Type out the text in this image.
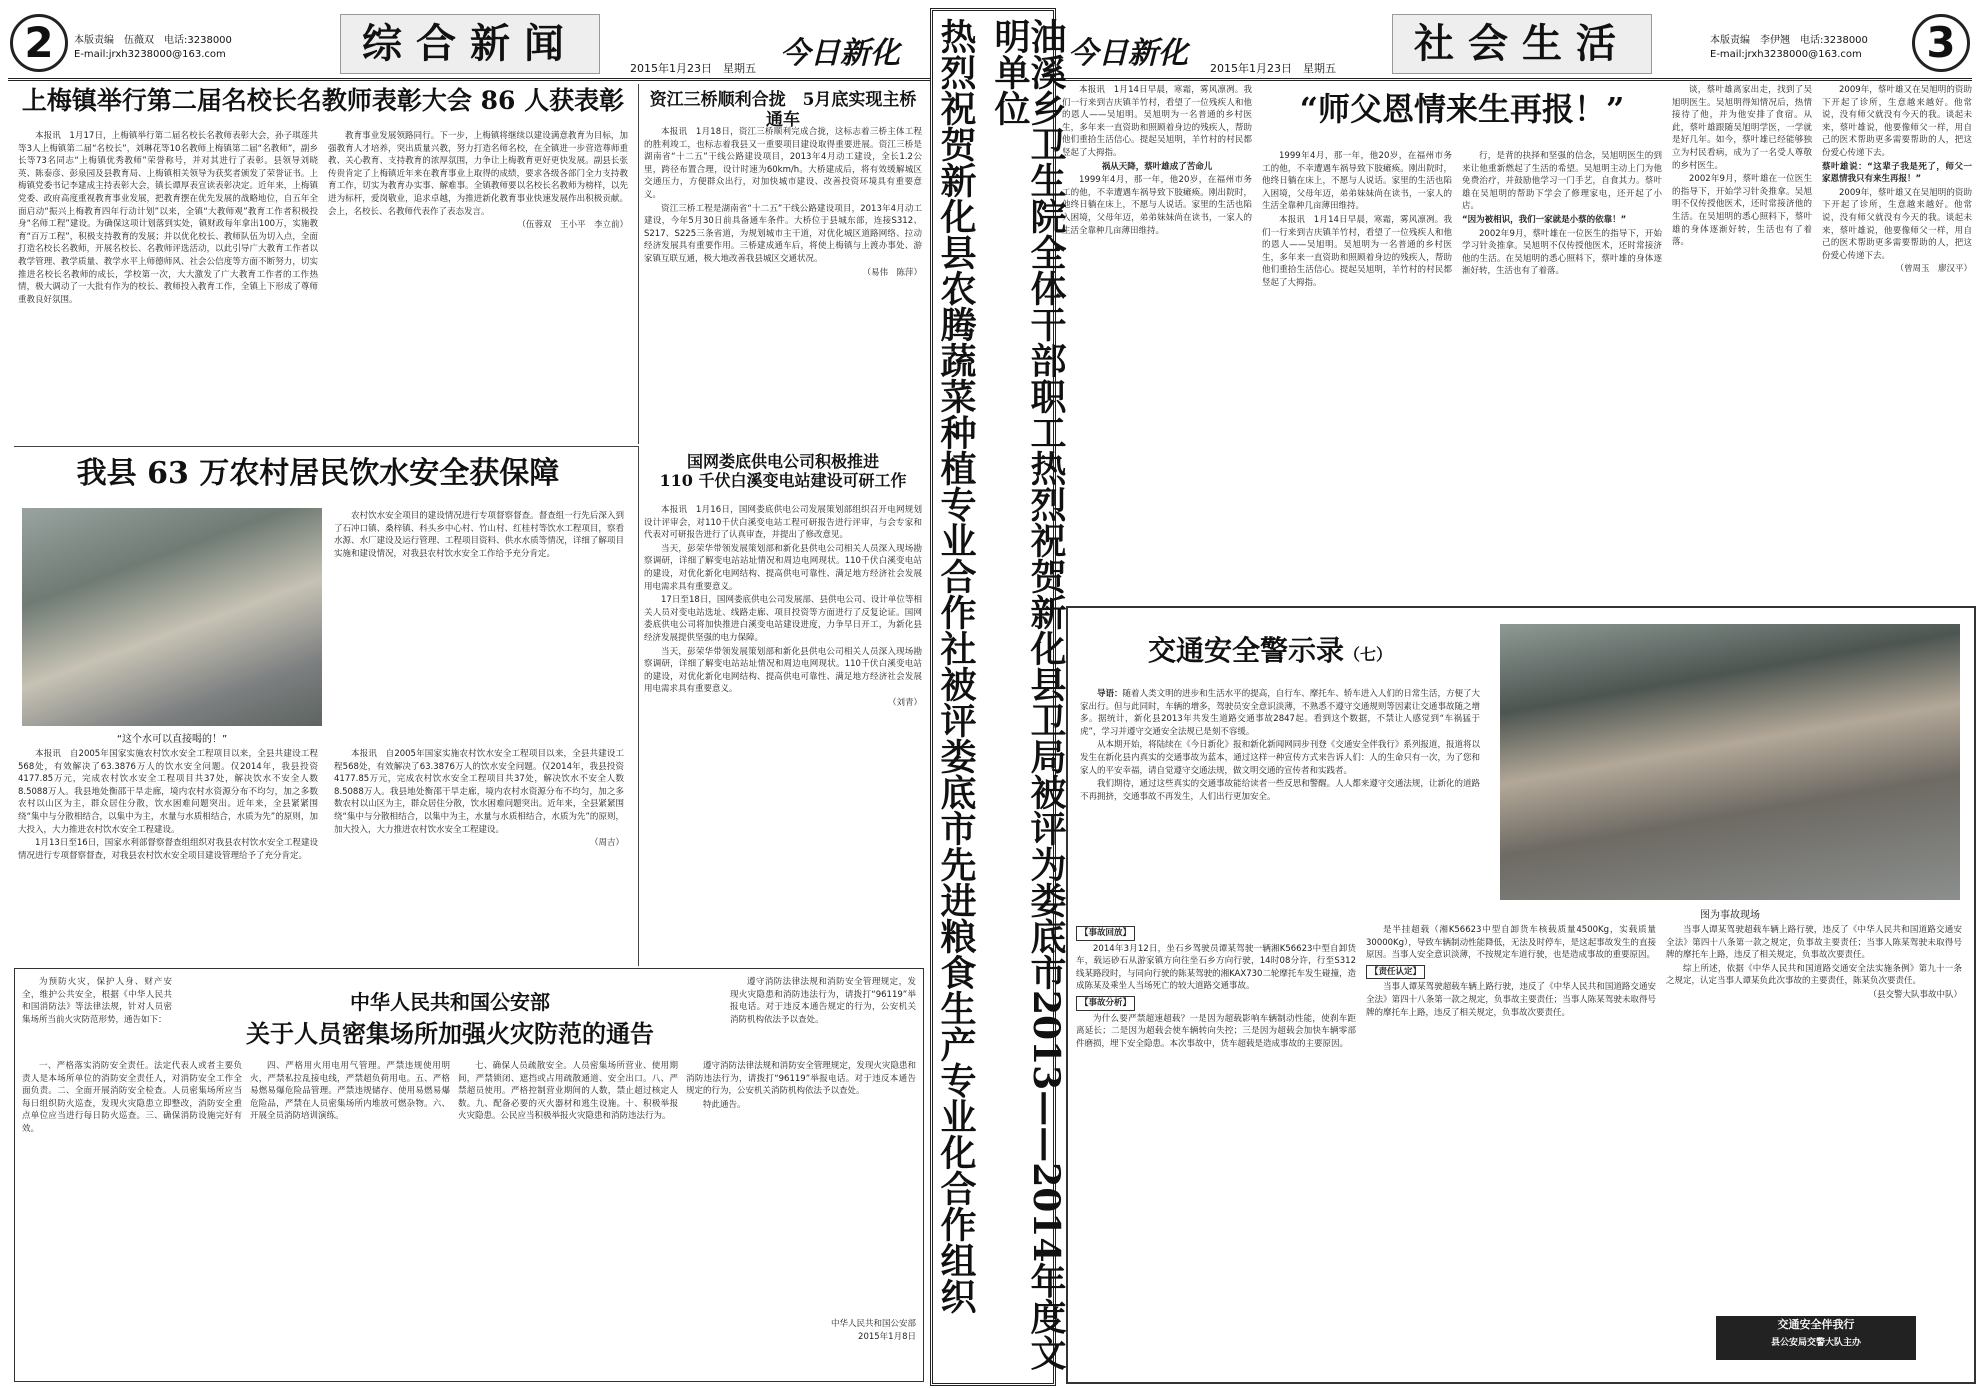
2	本版责编　伍薇双　电话:3238000
E-mail:jrxh3238000@163.com	综合新闻	今日新化
2015年1月23日　星期五	今日新化 2015年1月23日　星期五
社会生活	本版责编　李伊翘　电话:3238000
E-mail:jrxh3238000@163.com	3
油溪乡卫生院全体干部职工热烈祝贺新化县卫局被评为娄底市2013——2014年度文明单位
热烈祝贺新化县农腾蔬菜种植专业合作社被评娄底市先进粮食生产专业化合作组织
上梅镇举行第二届名校长名教师表彰大会 86 人获表彰

本报讯　1月17日，上梅镇举行第二届名校长名教师表彰大会，孙子琪莲共等3人上梅镇第二届“名校长”，刘琳花等10名教师上梅镇第二届“名教师”，副乡长等73名同志“上梅镇优秀教师”荣誉称号，并对其进行了表彰。县领导刘晓英、陈泰彦、彭泉园及县教育局、上梅镇相关领导为获奖者颁发了荣誉证书。上梅镇党委书记李建成主持表彰大会，镇长谭厚表宣读表彰决定。近年来，上梅镇党委、政府高度重视教育事业发展，把教育摆在优先发展的战略地位，自五年全面启动“振兴上梅教育四年行动计划”以来，全镇“大教师观”教育工作者积极投身“名师工程”建设。为确保这项计划落到实处，镇财政每年拿出100万，实施教育“百万工程”，积极支持教育的发展；并以优化校长、教师队伍为切入点，全面打造名校长名教师，开展名校长、名教师评选活动，以此引导广大教育工作者以教学管理、教学质量、教学水平上师德师风、社会公信度等方面不断努力，切实推进名校长名教师的成长，学校第一次，大大激发了广大教育工作者的工作热情，极大调动了一大批有作为的校长、教师投入教育工作，全镇上下形成了尊师重教良好氛围。

教育事业发展领路同行。下一步，上梅镇将继续以建设满意教育为目标，加强教育人才培养，突出质量兴教，努力打造名师名校，在全镇进一步营造尊师重教、关心教育、支持教育的浓厚氛围，力争让上梅教育更好更快发展。副县长张传贵肯定了上梅镇近年来在教育事业上取得的成绩，要求各级各部门全力支持教育工作，切实为教育办实事、解难事。全镇教师要以名校长名教师为榜样，以先进为标杆，爱岗敬业，追求卓越，为推进新化教育事业快速发展作出积极贡献。会上，名校长、名教师代表作了表态发言。

（伍蓉双　王小平　李立前）

资江三桥顺利合拢　5月底实现主桥通车

本报讯　1月18日，资江三桥顺利完成合拢，这标志着三桥主体工程的胜利竣工，也标志着我县又一重要项目建设取得重要进展。资江三桥是湖南省“十二五”干线公路建设项目，2013年4月动工建设，全长1.2公里，跨径布置合理，设计时速为60km/h。大桥建成后，将有效缓解城区交通压力，方便群众出行，对加快城市建设、改善投资环境具有重要意义。

资江三桥工程是湖南省“十二五”干线公路建设项目，2013年4月动工建设，今年5月30日前具备通车条件。大桥位于县城东部，连接S312、S217、S225三条省道，为规划城市主干道，对优化城区道路网络、拉动经济发展具有重要作用。三桥建成通车后，将使上梅镇与上渡办事处、游家镇互联互通，极大地改善我县城区交通状况。

（易伟　陈萍）

我县 63 万农村居民饮水安全获保障
“这个水可以直接喝的！”

农村饮水安全项目的建设情况进行专项督察督查。督查组一行先后深入到了石冲口镇、桑梓镇、科头乡中心村、竹山村、红桂村等饮水工程项目，察看水源、水厂建设及运行管理、工程项目资料、供水水质等情况，详细了解项目实施和建设情况，对我县农村饮水安全工作给予充分肯定。

本报讯　自2005年国家实施农村饮水安全工程项目以来，全县共建设工程568处，有效解决了63.3876万人的饮水安全问题。仅2014年，我县投资4177.85万元，完成农村饮水安全工程项目共37处，解决饮水不安全人数8.5088万人。我县地处衡邵干旱走廊，境内农村水资源分布不均匀，加之多数农村以山区为主，群众居住分散，饮水困难问题突出。近年来，全县紧紧围绕“集中与分散相结合，以集中为主，水量与水质相结合，水质为先”的原则，加大投入，大力推进农村饮水安全工程建设。

1月13日至16日，国家水利部督察督查组组织对我县农村饮水安全工程建设情况进行专项督察督查，对我县农村饮水安全项目建设管理给予了充分肯定。

本报讯　自2005年国家实施农村饮水安全工程项目以来，全县共建设工程568处，有效解决了63.3876万人的饮水安全问题。仅2014年，我县投资4177.85万元，完成农村饮水安全工程项目共37处，解决饮水不安全人数8.5088万人。我县地处衡邵干旱走廊，境内农村水资源分布不均匀，加之多数农村以山区为主，群众居住分散，饮水困难问题突出。近年来，全县紧紧围绕“集中与分散相结合，以集中为主，水量与水质相结合，水质为先”的原则，加大投入，大力推进农村饮水安全工程建设。

（周吉）

国网娄底供电公司积极推进
110 千伏白溪变电站建设可研工作

本报讯　1月16日，国网娄底供电公司发展策划部组织召开电网规划设计评审会，对110千伏白溪变电站工程可研报告进行评审，与会专家和代表对可研报告进行了认真审查，并提出了修改意见。

当天，彭荣华带领发展策划部和新化县供电公司相关人员深入现场勘察调研，详细了解变电站站址情况和周边电网现状。110千伏白溪变电站的建设，对优化新化电网结构、提高供电可靠性、满足地方经济社会发展用电需求具有重要意义。

17日至18日，国网娄底供电公司发展部、县供电公司、设计单位等相关人员对变电站选址、线路走廊、项目投资等方面进行了反复论证。国网娄底供电公司将加快推进白溪变电站建设进度，力争早日开工，为新化县经济发展提供坚强的电力保障。

当天，彭荣华带领发展策划部和新化县供电公司相关人员深入现场勘察调研，详细了解变电站站址情况和周边电网现状。110千伏白溪变电站的建设，对优化新化电网结构、提高供电可靠性、满足地方经济社会发展用电需求具有重要意义。

（刘青）

为预防火灾，保护人身、财产安全，维护公共安全，根据《中华人民共和国消防法》等法律法规，针对人员密集场所当前火灾防范形势，通告如下：

中华人民共和国公安部
关于人员密集场所加强火灾防范的通告

一、严格落实消防安全责任。法定代表人或者主要负责人是本场所单位的消防安全责任人，对消防安全工作全面负责。二、全面开展消防安全检查。人员密集场所应当每日组织防火巡查，发现火灾隐患立即整改，消防安全重点单位应当进行每日防火巡查。三、确保消防设施完好有效。

四、严格用火用电用气管理。严禁违规使用明火，严禁私拉乱接电线，严禁超负荷用电。五、严格易燃易爆危险品管理。严禁违规储存、使用易燃易爆危险品，严禁在人员密集场所内堆放可燃杂物。六、开展全员消防培训演练。

七、确保人员疏散安全。人员密集场所营业、使用期间，严禁锁闭、遮挡或占用疏散通道、安全出口。八、严禁超员使用。严格控制营业期间的人数，禁止超过核定人数。九、配备必要的灭火器材和逃生设施。十、积极举报火灾隐患。公民应当积极举报火灾隐患和消防违法行为。

遵守消防法律法规和消防安全管理规定，发现火灾隐患和消防违法行为，请拨打“96119”举报电话。对于违反本通告规定的行为，公安机关消防机构依法予以查处。

遵守消防法律法规和消防安全管理规定，发现火灾隐患和消防违法行为，请拨打“96119”举报电话。对于违反本通告规定的行为，公安机关消防机构依法予以查处。

特此通告。

中华人民共和国公安部
2015年1月8日

本报讯　1月14日早晨，寒霜，雾风凛冽。我们一行来到吉庆镇羊竹村，看望了一位残疾人和他的恩人——吴旭明。吴旭明为一名普通的乡村医生，多年来一直资助和照顾着身边的残疾人，帮助他们重拾生活信心。提起吴旭明，羊竹村的村民都竖起了大拇指。

祸从天降，蔡叶雄成了苦命儿

1999年4月，那一年，他20岁，在福州市务工的他，不幸遭遇车祸导致下肢瘫痪。刚出院时，他终日躺在床上，不愿与人说话。家里的生活也陷入困境，父母年迈，弟弟妹妹尚在读书，一家人的生活全靠种几亩薄田维持。

“师父恩情来生再报！”

1999年4月，那一年，他20岁，在福州市务工的他，不幸遭遇车祸导致下肢瘫痪。刚出院时，他终日躺在床上，不愿与人说话。家里的生活也陷入困境，父母年迈，弟弟妹妹尚在读书，一家人的生活全靠种几亩薄田维持。

本报讯　1月14日早晨，寒霜，雾风凛冽。我们一行来到吉庆镇羊竹村，看望了一位残疾人和他的恩人——吴旭明。吴旭明为一名普通的乡村医生，多年来一直资助和照顾着身边的残疾人，帮助他们重拾生活信心。提起吴旭明，羊竹村的村民都竖起了大拇指。

行，是背的抉择和坚强的信念，吴旭明医生的到来让他重新燃起了生活的希望。吴旭明主动上门为他免费治疗，并鼓励他学习一门手艺，自食其力。蔡叶雄在吴旭明的帮助下学会了修理家电，还开起了小店。

“因为被相识，我们一家就是小蔡的依靠！”

2002年9月，蔡叶雄在一位医生的指导下，开始学习针灸推拿。吴旭明不仅传授他医术，还时常接济他的生活。在吴旭明的悉心照料下，蔡叶雄的身体逐渐好转，生活也有了着落。

谈，蔡叶雄离家出走，找到了吴旭明医生。吴旭明得知情况后，热情接待了他，并为他安排了食宿。从此，蔡叶雄跟随吴旭明学医，一学就是好几年。如今，蔡叶雄已经能够独立为村民看病，成为了一名受人尊敬的乡村医生。

2002年9月，蔡叶雄在一位医生的指导下，开始学习针灸推拿。吴旭明不仅传授他医术，还时常接济他的生活。在吴旭明的悉心照料下，蔡叶雄的身体逐渐好转，生活也有了着落。

2009年，蔡叶雄又在吴旭明的资助下开起了诊所，生意越来越好。他常说，没有师父就没有今天的我。谈起未来，蔡叶雄说，他要像师父一样，用自己的医术帮助更多需要帮助的人，把这份爱心传递下去。

蔡叶雄说：“这辈子我是死了，师父一家恩情我只有来生再报！”

2009年，蔡叶雄又在吴旭明的资助下开起了诊所，生意越来越好。他常说，没有师父就没有今天的我。谈起未来，蔡叶雄说，他要像师父一样，用自己的医术帮助更多需要帮助的人，把这份爱心传递下去。

（曾周玉　廖汉平）

交通安全警示录（七）

导语：随着人类文明的进步和生活水平的提高，自行车、摩托车、轿车进入人们的日常生活，方便了大家出行。但与此同时，车辆的增多，驾驶员安全意识淡薄，不熟悉不遵守交通规则等因素让交通事故随之增多。据统计，新化县2013年共发生道路交通事故2847起。看到这个数据，不禁让人感觉到“车祸猛于虎”，学习并遵守交通安全法规已是刻不容缓。

从本期开始，将陆续在《今日新化》报和新化新闻网同步刊登《交通安全伴我行》系列报道，报道将以发生在新化县内真实的交通事故为蓝本，通过这样一种宣传方式来告诉人们：人的生命只有一次，为了您和家人的平安幸福，请自觉遵守交通法规，做文明交通的宣传者和实践者。

我们期待，通过这些真实的交通事故能给读者一些反思和警醒。人人都来遵守交通法规，让新化的道路不再拥挤，交通事故不再发生，人们出行更加安全。

图为事故现场
【事故回放】

2014年3月12日，坐石乡驾驶员谭某驾驶一辆湘K56623中型自卸货车，载运砂石从游家镇方向往坐石乡方向行驶，14时08分许，行至S312线某路段时，与同向行驶的陈某驾驶的湘KAX730二轮摩托车发生碰撞，造成陈某及乘坐人当场死亡的较大道路交通事故。

【事故分析】

为什么要严禁超速超载？一是因为超载影响车辆制动性能，使刹车距离延长；二是因为超载会使车辆转向失控；三是因为超载会加快车辆零部件磨损，埋下安全隐患。本次事故中，货车超载是造成事故的主要原因。

是半挂超载（湘K56623中型自卸货车核载质量4500Kg，实载质量30000Kg），导致车辆制动性能降低，无法及时停车，是这起事故发生的直接原因。当事人安全意识淡薄，不按规定车道行驶，也是造成事故的重要原因。

【责任认定】

当事人谭某驾驶超载车辆上路行驶，违反了《中华人民共和国道路交通安全法》第四十八条第一款之规定，负事故主要责任；当事人陈某驾驶未取得号牌的摩托车上路，违反了相关规定，负事故次要责任。

当事人谭某驾驶超载车辆上路行驶，违反了《中华人民共和国道路交通安全法》第四十八条第一款之规定，负事故主要责任；当事人陈某驾驶未取得号牌的摩托车上路，违反了相关规定，负事故次要责任。

综上所述，依据《中华人民共和国道路交通安全法实施条例》第九十一条之规定，认定当事人谭某负此次事故的主要责任，陈某负次要责任。

（县交警大队事故中队）

交通安全伴我行
县公安局交警大队主办
